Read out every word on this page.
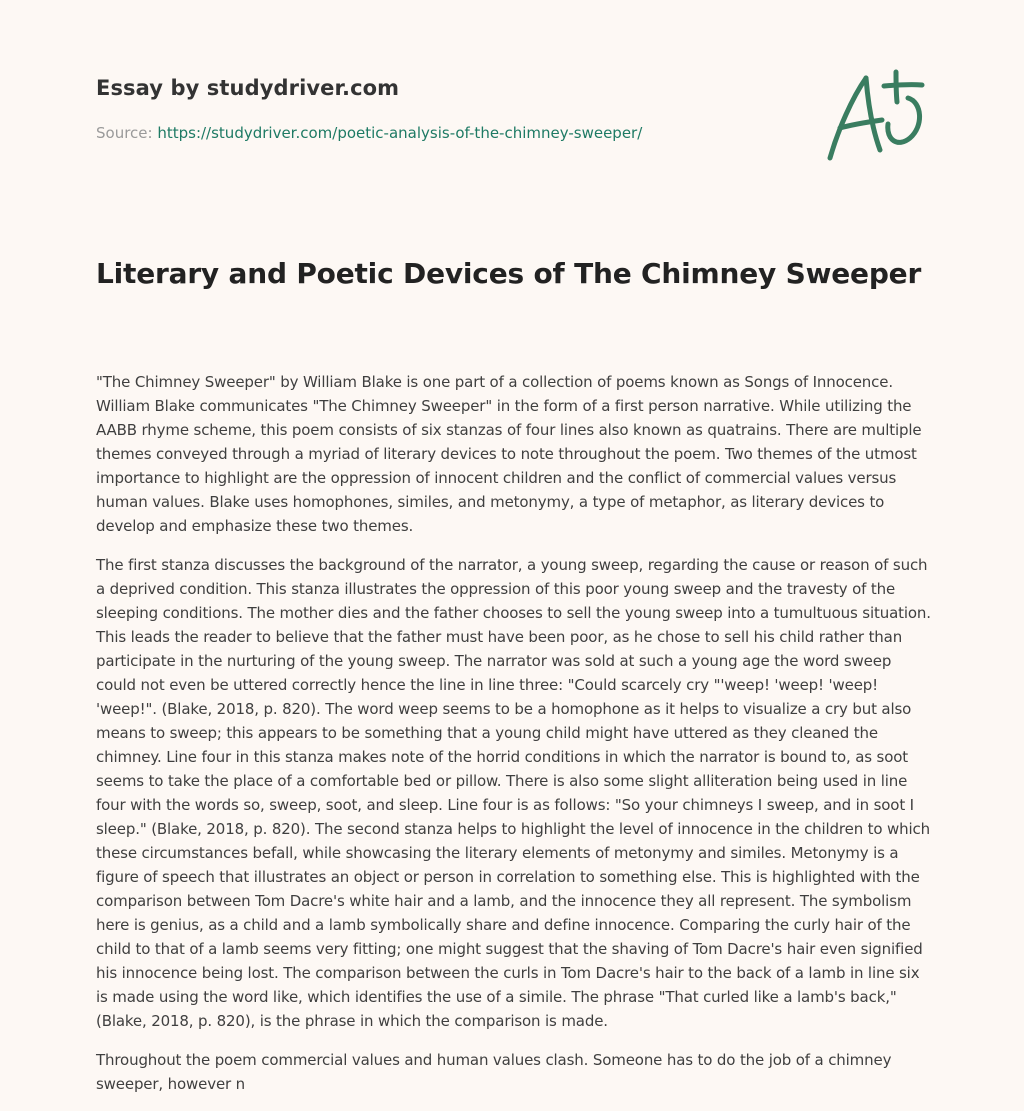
Essay by studydriver.com
Source: https://studydriver.com/poetic-analysis-of-the-chimney-sweeper/
Literary and Poetic Devices of The Chimney Sweeper

"The Chimney Sweeper" by William Blake is one part of a collection of poems known as Songs of Innocence. William Blake communicates "The Chimney Sweeper" in the form of a first person narrative. While utilizing the AABB rhyme scheme, this poem consists of six stanzas of four lines also known as quatrains. There are multiple themes conveyed through a myriad of literary devices to note throughout the poem. Two themes of the utmost importance to highlight are the oppression of innocent children and the conflict of commercial values versus human values. Blake uses homophones, similes, and metonymy, a type of metaphor, as literary devices to develop and emphasize these two themes.

The first stanza discusses the background of the narrator, a young sweep, regarding the cause or reason of such a deprived condition. This stanza illustrates the oppression of this poor young sweep and the travesty of the sleeping conditions. The mother dies and the father chooses to sell the young sweep into a tumultuous situation. This leads the reader to believe that the father must have been poor, as he chose to sell his child rather than participate in the nurturing of the young sweep. The narrator was sold at such a young age the word sweep could not even be uttered correctly hence the line in line three: "Could scarcely cry "'weep! 'weep! 'weep! 'weep!". (Blake, 2018, p. 820). The word weep seems to be a homophone as it helps to visualize a cry but also means to sweep; this appears to be something that a young child might have uttered as they cleaned the chimney. Line four in this stanza makes note of the horrid conditions in which the narrator is bound to, as soot seems to take the place of a comfortable bed or pillow. There is also some slight alliteration being used in line four with the words so, sweep, soot, and sleep. Line four is as follows: "So your chimneys I sweep, and in soot I sleep." (Blake, 2018, p. 820). The second stanza helps to highlight the level of innocence in the children to which these circumstances befall, while showcasing the literary elements of metonymy and similes. Metonymy is a figure of speech that illustrates an object or person in correlation to something else. This is highlighted with the comparison between Tom Dacre's white hair and a lamb, and the innocence they all represent. The symbolism here is genius, as a child and a lamb symbolically share and define innocence. Comparing the curly hair of the child to that of a lamb seems very fitting; one might suggest that the shaving of Tom Dacre's hair even signified his innocence being lost. The comparison between the curls in Tom Dacre's hair to the back of a lamb in line six is made using the word like, which identifies the use of a simile. The phrase "That curled like a lamb's back,"(Blake, 2018, p. 820), is the phrase in which the comparison is made.

Throughout the poem commercial values and human values clash. Someone has to do the job of a chimney sweeper, however n
